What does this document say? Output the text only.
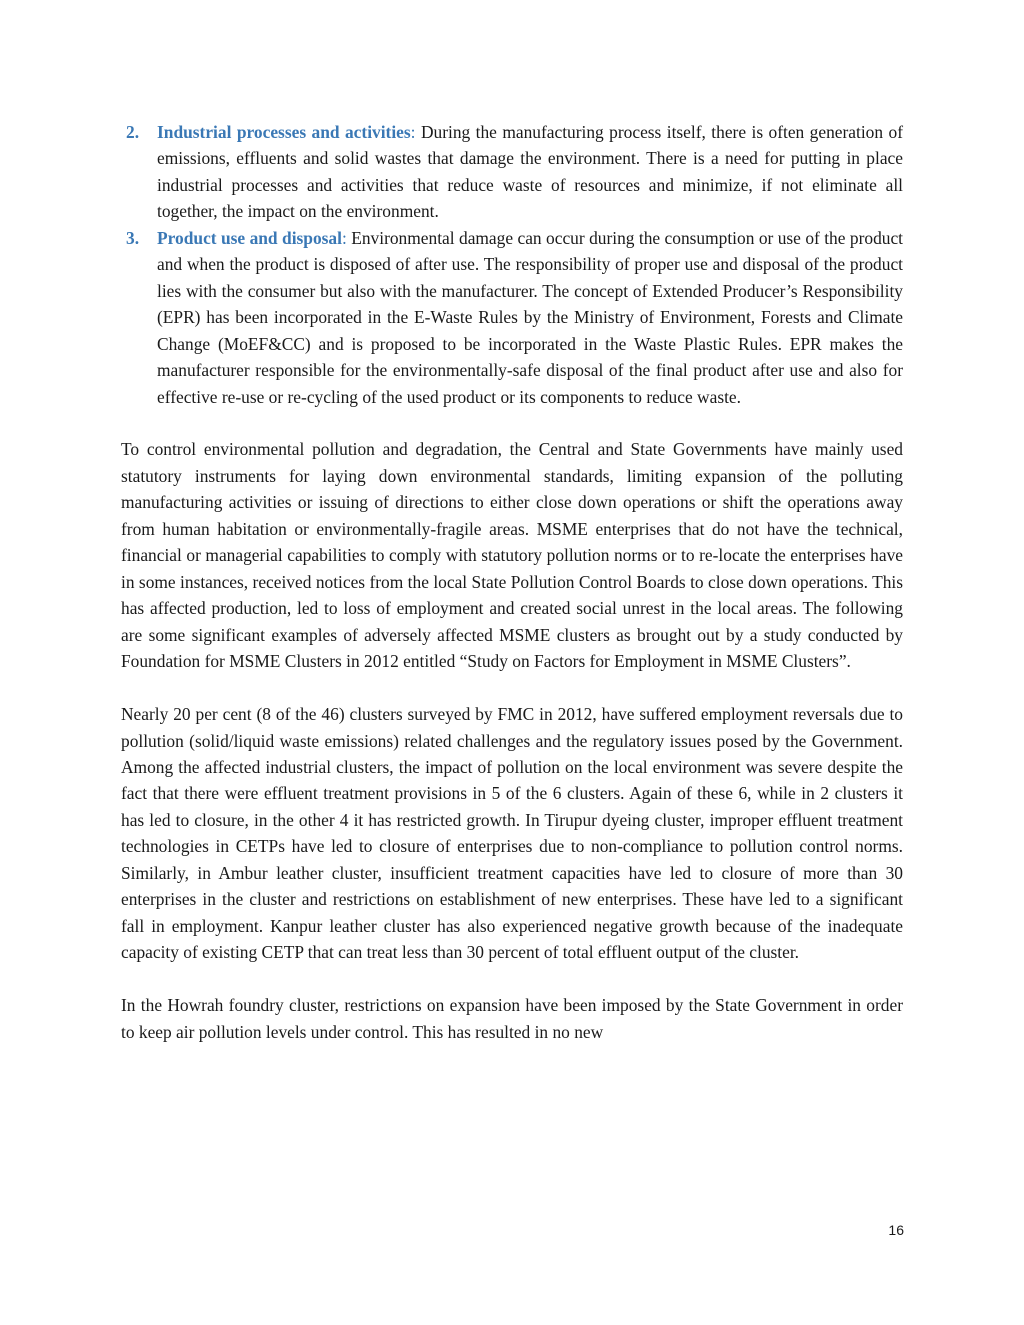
2. Industrial processes and activities: During the manufacturing process itself, there is often generation of emissions, effluents and solid wastes that damage the environment. There is a need for putting in place industrial processes and activities that reduce waste of resources and minimize, if not eliminate all together, the impact on the environment.
3. Product use and disposal: Environmental damage can occur during the consumption or use of the product and when the product is disposed of after use. The responsibility of proper use and disposal of the product lies with the consumer but also with the manufacturer. The concept of Extended Producer’s Responsibility (EPR) has been incorporated in the E-Waste Rules by the Ministry of Environment, Forests and Climate Change (MoEF&CC) and is proposed to be incorporated in the Waste Plastic Rules. EPR makes the manufacturer responsible for the environmentally-safe disposal of the final product after use and also for effective re-use or re-cycling of the used product or its components to reduce waste.

To control environmental pollution and degradation, the Central and State Governments have mainly used statutory instruments for laying down environmental standards, limiting expansion of the polluting manufacturing activities or issuing of directions to either close down operations or shift the operations away from human habitation or environmentally-fragile areas. MSME enterprises that do not have the technical, financial or managerial capabilities to comply with statutory pollution norms or to re-locate the enterprises have in some instances, received notices from the local State Pollution Control Boards to close down operations. This has affected production, led to loss of employment and created social unrest in the local areas. The following are some significant examples of adversely affected MSME clusters as brought out by a study conducted by Foundation for MSME Clusters in 2012 entitled “Study on Factors for Employment in MSME Clusters”.

Nearly 20 per cent (8 of the 46) clusters surveyed by FMC in 2012, have suffered employment reversals due to pollution (solid/liquid waste emissions) related challenges and the regulatory issues posed by the Government. Among the affected industrial clusters, the impact of pollution on the local environment was severe despite the fact that there were effluent treatment provisions in 5 of the 6 clusters. Again of these 6, while in 2 clusters it has led to closure, in the other 4 it has restricted growth. In Tirupur dyeing cluster, improper effluent treatment technologies in CETPs have led to closure of enterprises due to non-compliance to pollution control norms. Similarly, in Ambur leather cluster, insufficient treatment capacities have led to closure of more than 30 enterprises in the cluster and restrictions on establishment of new enterprises. These have led to a significant fall in employment. Kanpur leather cluster has also experienced negative growth because of the inadequate capacity of existing CETP that can treat less than 30 percent of total effluent output of the cluster.

In the Howrah foundry cluster, restrictions on expansion have been imposed by the State Government in order to keep air pollution levels under control. This has resulted in no new

16
